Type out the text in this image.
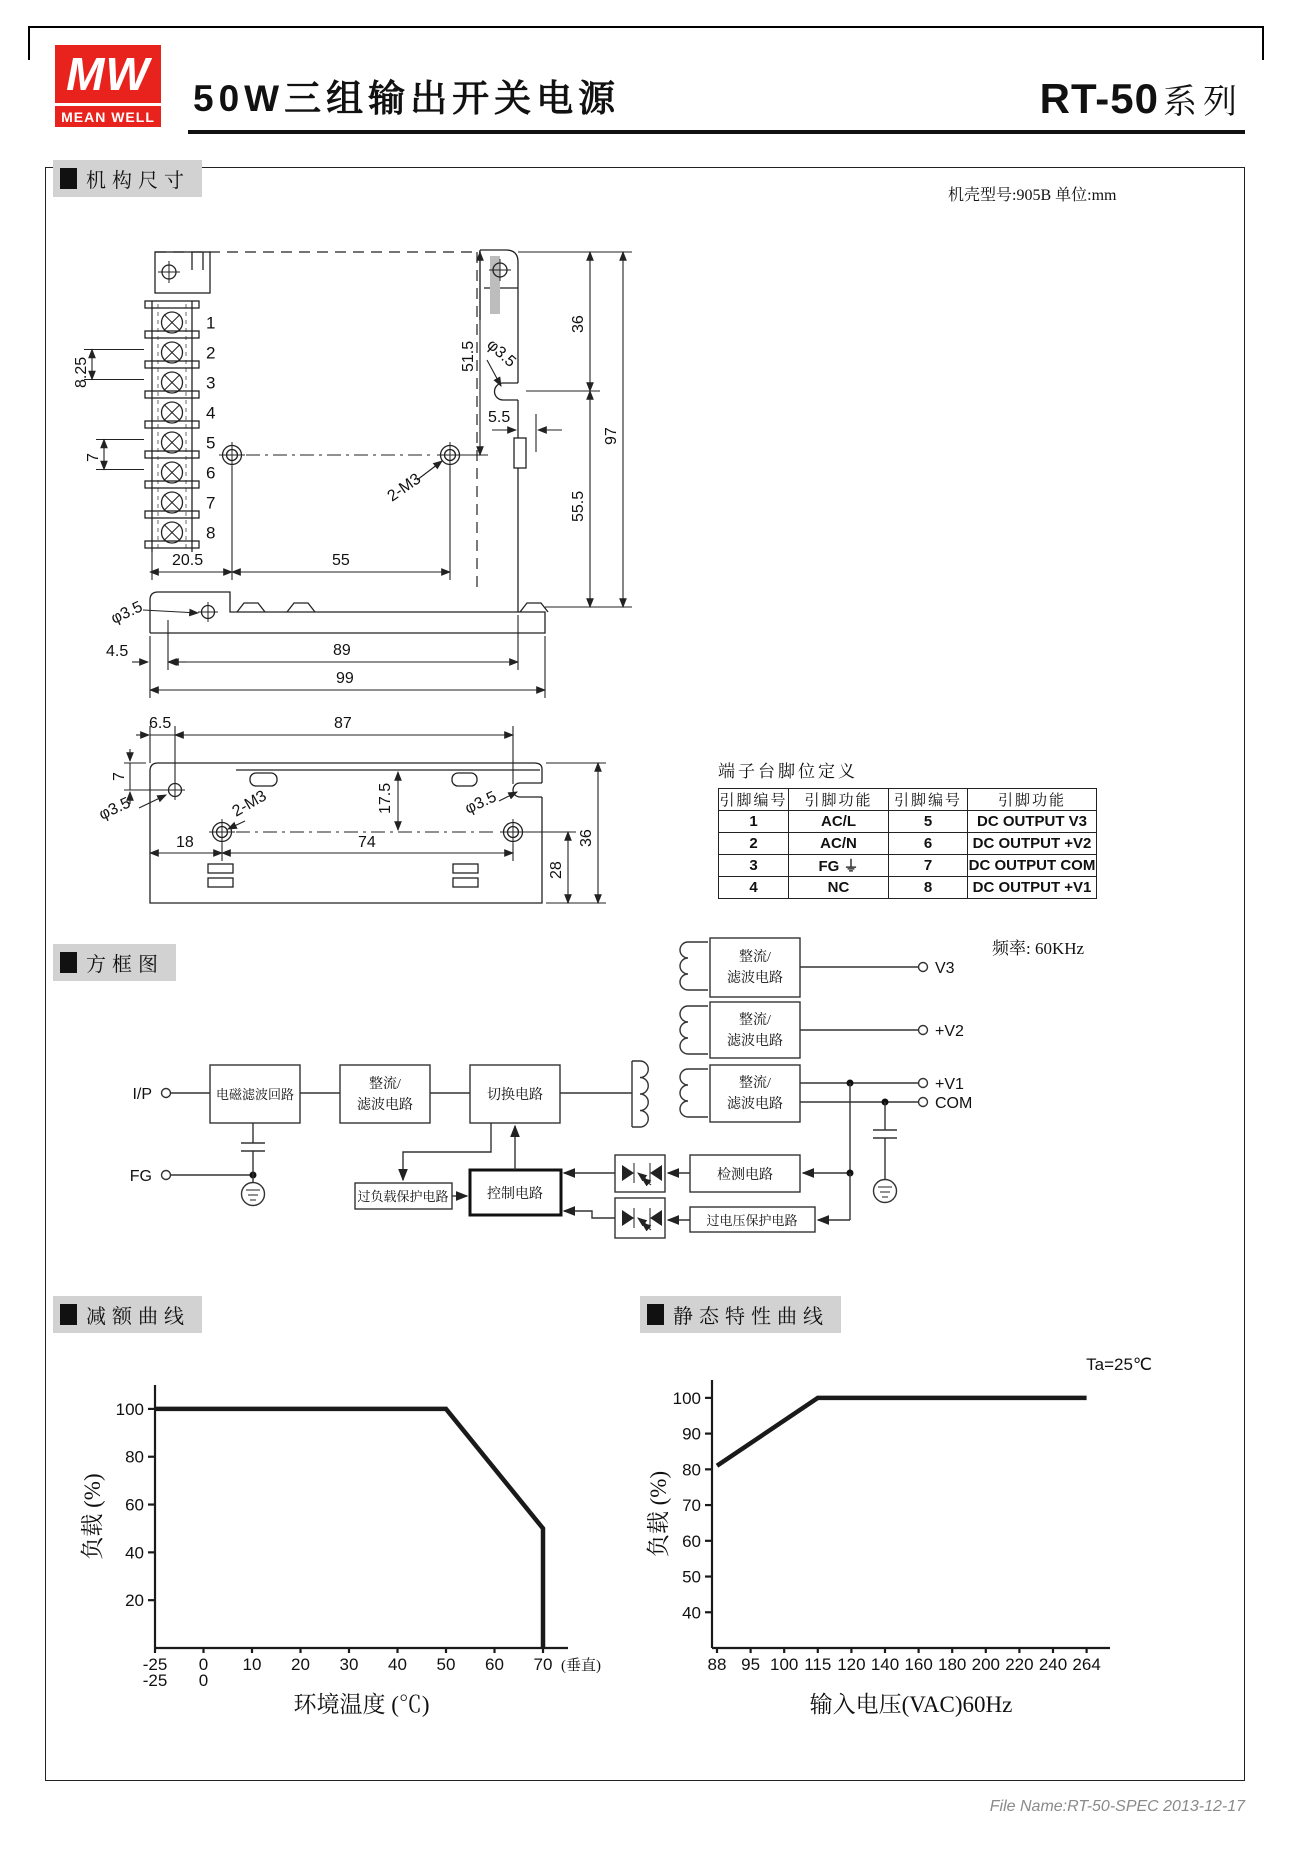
MW
MEAN WELL 50W三组输出开关电源	RT-50 系列
机构尺寸
机壳型号:905B 单位:mm
1
2
3
4
5
6
7
8
2-M3
8.25
7
51.5
5.5
φ3.5
36
55.5
97
φ3.5
20.5	55
4.5	89
99
6.5	87
7
φ3.5	2-M3	17.5	φ3.5
18	74
28
36
端子台脚位定义
引脚编号	引脚功能	引脚编号	引脚功能
1	AC/L	5	DC OUTPUT V3
2	AC/N	6	DC OUTPUT +V2
3	FG ⏚	7	DC OUTPUT COM
4	NC	8	DC OUTPUT +V1
方框图
频率: 60KHz
I/P
FG
电磁滤波回路
整流/
滤波电路
切换电路
整流/
滤波电路
整流/
滤波电路
整流/
滤波电路
V3
+V2
+V1
COM
过负载保护电路	控制电路
检测电路
过电压保护电路
减额曲线	静态特性曲线
20
40
60
80
100
-25 0 10 20 30 40 50 60 70
-25 0
(垂直)
环境温度 (℃)
负载 (%)
40
50
60
70
80
90
100
88 95 100 115 120 140 160 180 200 220 240 264
Ta=25℃
输入电压(VAC)60Hz
负载 (%)
File Name:RT-50-SPEC 2013-12-17
